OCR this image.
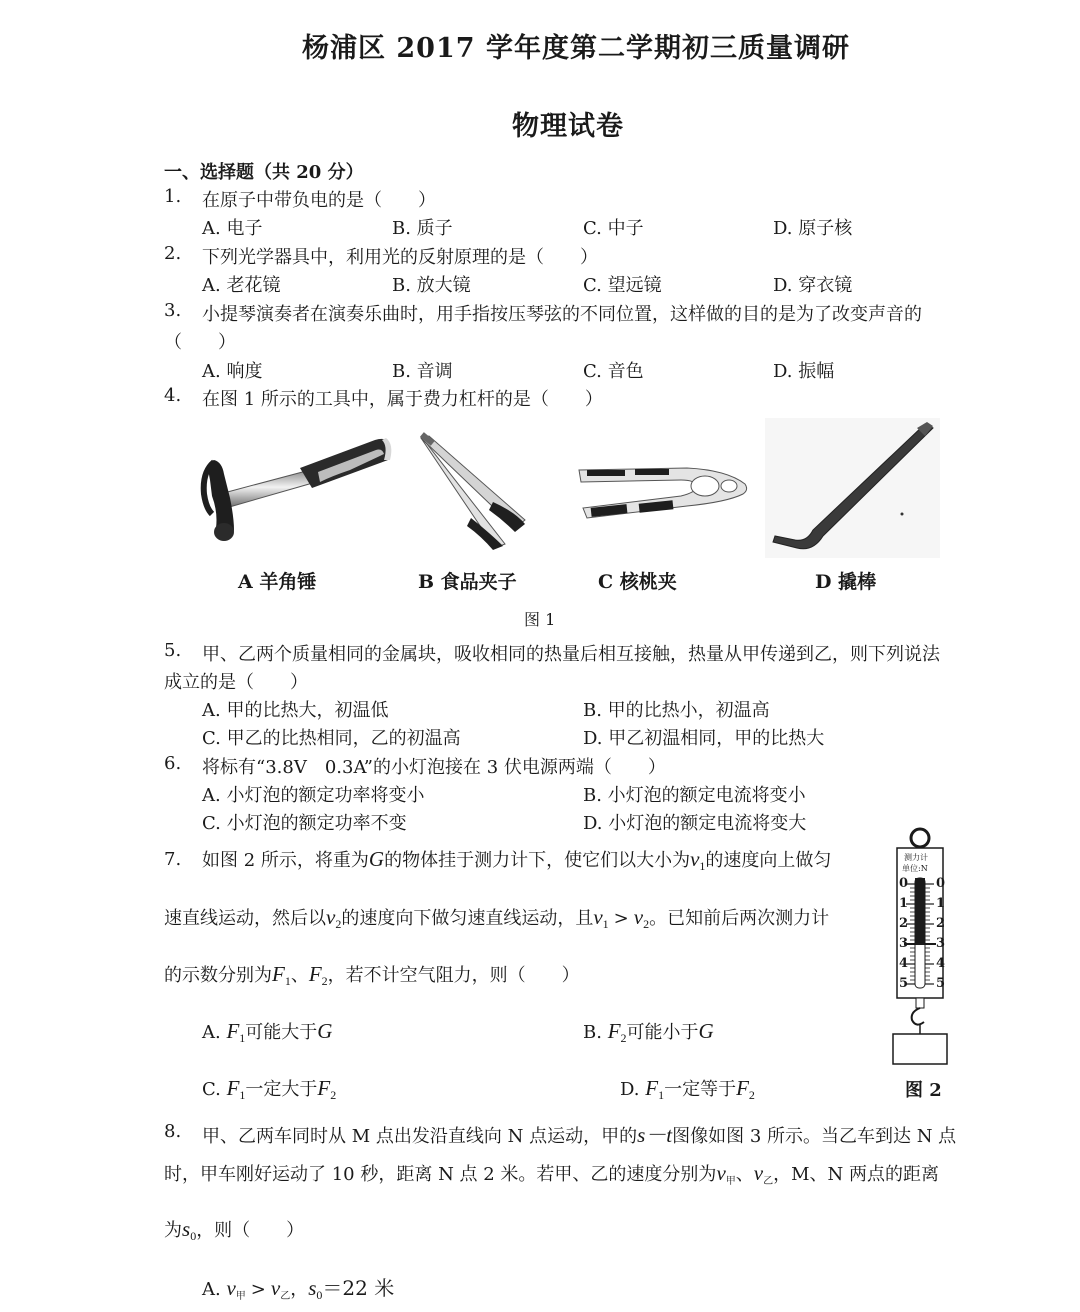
杨浦区 2017 学年度第二学期初三质量调研
物理试卷
一、选择题（共 20 分）
1. 在原子中带负电的是（　　）
A. 电子	B. 质子	C. 中子	D. 原子核
2. 下列光学器具中，利用光的反射原理的是（　　）
A. 老花镜	B. 放大镜	C. 望远镜	D. 穿衣镜
3. 小提琴演奏者在演奏乐曲时，用手指按压琴弦的不同位置，这样做的目的是为了改变声音的
（　　）
A. 响度	B. 音调	C. 音色	D. 振幅
4. 在图 1 所示的工具中，属于费力杠杆的是（　　）
A 羊角锤	B 食品夹子	C 核桃夹	D 撬棒
图 1
5. 甲、乙两个质量相同的金属块，吸收相同的热量后相互接触，热量从甲传递到乙，则下列说法
成立的是（　　）
A. 甲的比热大，初温低	B. 甲的比热小，初温高
C. 甲乙的比热相同，乙的初温高	D. 甲乙初温相同，甲的比热大
6. 将标有“3.8V　0.3A”的小灯泡接在 3 伏电源两端（　　）
A. 小灯泡的额定功率将变小	B. 小灯泡的额定电流将变小
C. 小灯泡的额定功率不变	D. 小灯泡的额定电流将变大
7. 如图 2 所示，将重为G的物体挂于测力计下，使它们以大小为$v_1$的速度向上做匀
速直线运动，然后以$v_2$的速度向下做匀速直线运动，且$v_1 > v_2$。已知前后两次测力计
的示数分别为$F_1$、$F_2$，若不计空气阻力，则（　　）
A. $F_1$可能大于G	B. $F_2$可能小于G
C. $F_1$一定大于$F_2$	D. $F_1$一定等于$F_2$
测力计
单位:N
0 0
1 1
2 2
3 3
4 4
5 5
图 2
8. 甲、乙两车同时从 M 点出发沿直线向 N 点运动，甲的s－t图像如图 3 所示。当乙车到达 N 点
时，甲车刚好运动了 10 秒，距离 N 点 2 米。若甲、乙的速度分别为$v_甲$、$v_乙$，M、N 两点的距离
为$s_0$，则（　　）
A. $v_甲 > v_乙$，$s_0=22$ 米
